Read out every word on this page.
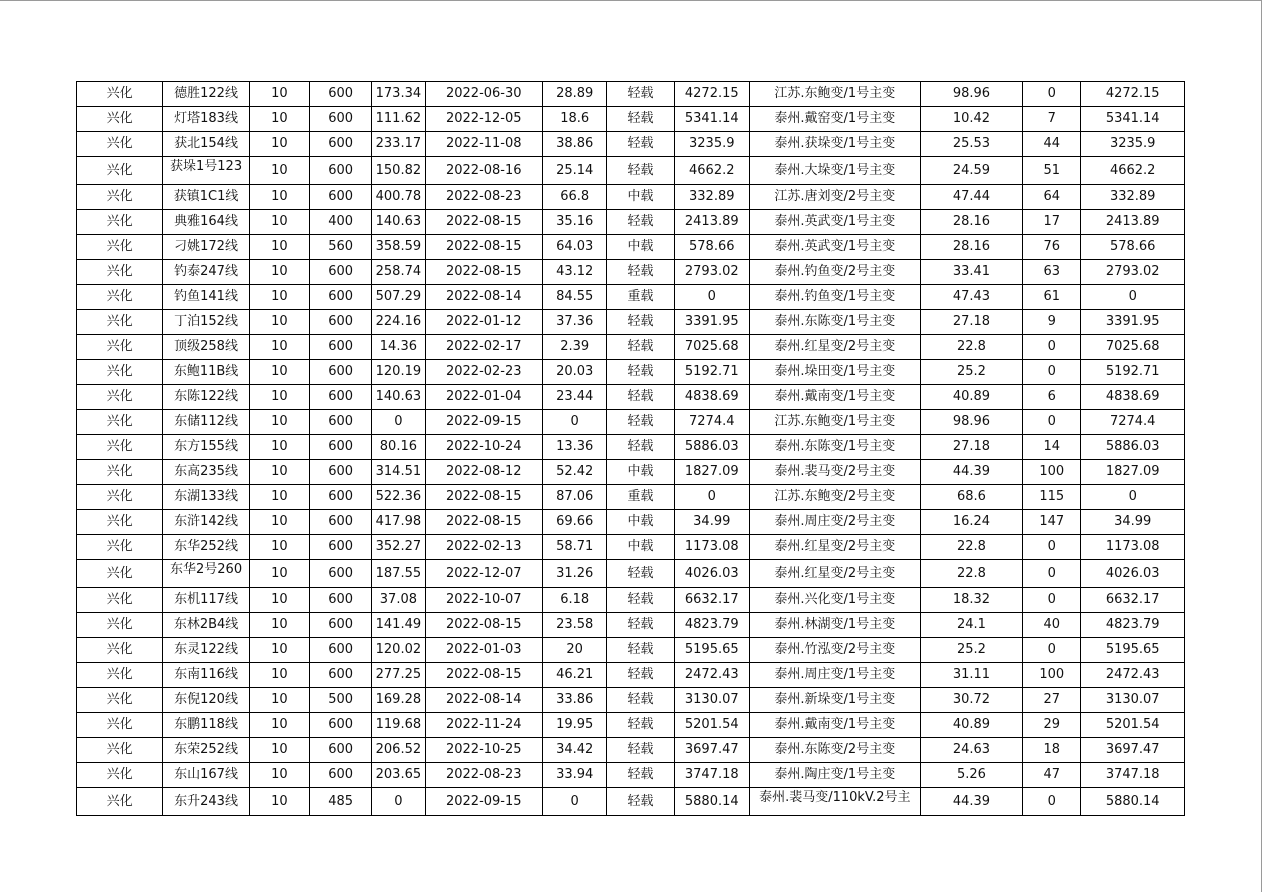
兴化	德胜122线	10	600	173.34	2022-06-30	28.89	轻载	4272.15	江苏.东鲍变/1号主变	98.96	0	4272.15
兴化	灯塔183线	10	600	111.62	2022-12-05	18.6	轻载	5341.14	泰州.戴窑变/1号主变	10.42	7	5341.14
兴化	获北154线	10	600	233.17	2022-11-08	38.86	轻载	3235.9	泰州.获垛变/1号主变	25.53	44	3235.9
兴化	获垛1号123	10	600	150.82	2022-08-16	25.14	轻载	4662.2	泰州.大垛变/1号主变	24.59	51	4662.2
兴化	获镇1C1线	10	600	400.78	2022-08-23	66.8	中载	332.89	江苏.唐刘变/2号主变	47.44	64	332.89
兴化	典雅164线	10	400	140.63	2022-08-15	35.16	轻载	2413.89	泰州.英武变/1号主变	28.16	17	2413.89
兴化	刁姚172线	10	560	358.59	2022-08-15	64.03	中载	578.66	泰州.英武变/1号主变	28.16	76	578.66
兴化	钓泰247线	10	600	258.74	2022-08-15	43.12	轻载	2793.02	泰州.钓鱼变/2号主变	33.41	63	2793.02
兴化	钓鱼141线	10	600	507.29	2022-08-14	84.55	重载	0	泰州.钓鱼变/1号主变	47.43	61	0
兴化	丁泊152线	10	600	224.16	2022-01-12	37.36	轻载	3391.95	泰州.东陈变/1号主变	27.18	9	3391.95
兴化	顶级258线	10	600	14.36	2022-02-17	2.39	轻载	7025.68	泰州.红星变/2号主变	22.8	0	7025.68
兴化	东鲍11B线	10	600	120.19	2022-02-23	20.03	轻载	5192.71	泰州.垛田变/1号主变	25.2	0	5192.71
兴化	东陈122线	10	600	140.63	2022-01-04	23.44	轻载	4838.69	泰州.戴南变/1号主变	40.89	6	4838.69
兴化	东储112线	10	600	0	2022-09-15	0	轻载	7274.4	江苏.东鲍变/1号主变	98.96	0	7274.4
兴化	东方155线	10	600	80.16	2022-10-24	13.36	轻载	5886.03	泰州.东陈变/1号主变	27.18	14	5886.03
兴化	东高235线	10	600	314.51	2022-08-12	52.42	中载	1827.09	泰州.裴马变/2号主变	44.39	100	1827.09
兴化	东湖133线	10	600	522.36	2022-08-15	87.06	重载	0	江苏.东鲍变/2号主变	68.6	115	0
兴化	东浒142线	10	600	417.98	2022-08-15	69.66	中载	34.99	泰州.周庄变/2号主变	16.24	147	34.99
兴化	东华252线	10	600	352.27	2022-02-13	58.71	中载	1173.08	泰州.红星变/2号主变	22.8	0	1173.08
兴化	东华2号260	10	600	187.55	2022-12-07	31.26	轻载	4026.03	泰州.红星变/2号主变	22.8	0	4026.03
兴化	东机117线	10	600	37.08	2022-10-07	6.18	轻载	6632.17	泰州.兴化变/1号主变	18.32	0	6632.17
兴化	东林2B4线	10	600	141.49	2022-08-15	23.58	轻载	4823.79	泰州.林湖变/1号主变	24.1	40	4823.79
兴化	东灵122线	10	600	120.02	2022-01-03	20	轻载	5195.65	泰州.竹泓变/2号主变	25.2	0	5195.65
兴化	东南116线	10	600	277.25	2022-08-15	46.21	轻载	2472.43	泰州.周庄变/1号主变	31.11	100	2472.43
兴化	东倪120线	10	500	169.28	2022-08-14	33.86	轻载	3130.07	泰州.新垛变/1号主变	30.72	27	3130.07
兴化	东鹏118线	10	600	119.68	2022-11-24	19.95	轻载	5201.54	泰州.戴南变/1号主变	40.89	29	5201.54
兴化	东荣252线	10	600	206.52	2022-10-25	34.42	轻载	3697.47	泰州.东陈变/2号主变	24.63	18	3697.47
兴化	东山167线	10	600	203.65	2022-08-23	33.94	轻载	3747.18	泰州.陶庄变/1号主变	5.26	47	3747.18
兴化	东升243线	10	485	0	2022-09-15	0	轻载	5880.14	泰州.裴马变/110kV.2号主	44.39	0	5880.14
